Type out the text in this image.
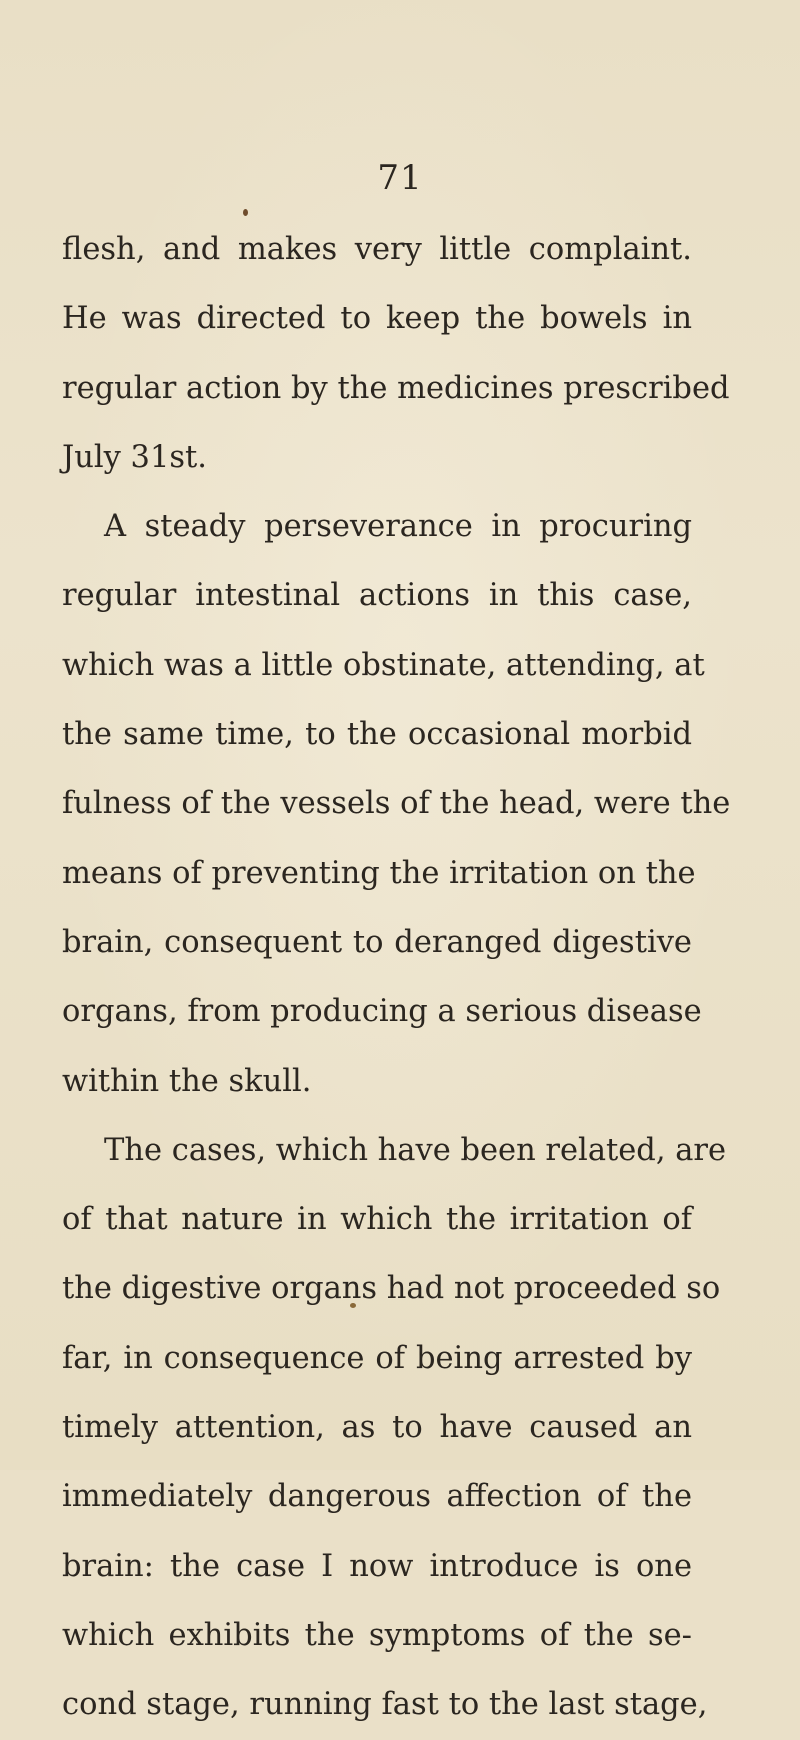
71
flesh, and makes very little complaint.
He was directed to keep the bowels in
regular action by the medicines prescribed
July 31st.
A steady perseverance in procuring
regular intestinal actions in this case,
which was a little obstinate, attending, at
the same time, to the occasional morbid
fulness of the vessels of the head, were the
means of preventing the irritation on the
brain, consequent to deranged digestive
organs, from producing a serious disease
within the skull.
The cases, which have been related, are
of that nature in which the irritation of
the digestive organs had not proceeded so
far, in consequence of being arrested by
timely attention, as to have caused an
immediately dangerous affection of the
brain: the case I now introduce is one
which exhibits the symptoms of the se-
cond stage, running fast to the last stage,
